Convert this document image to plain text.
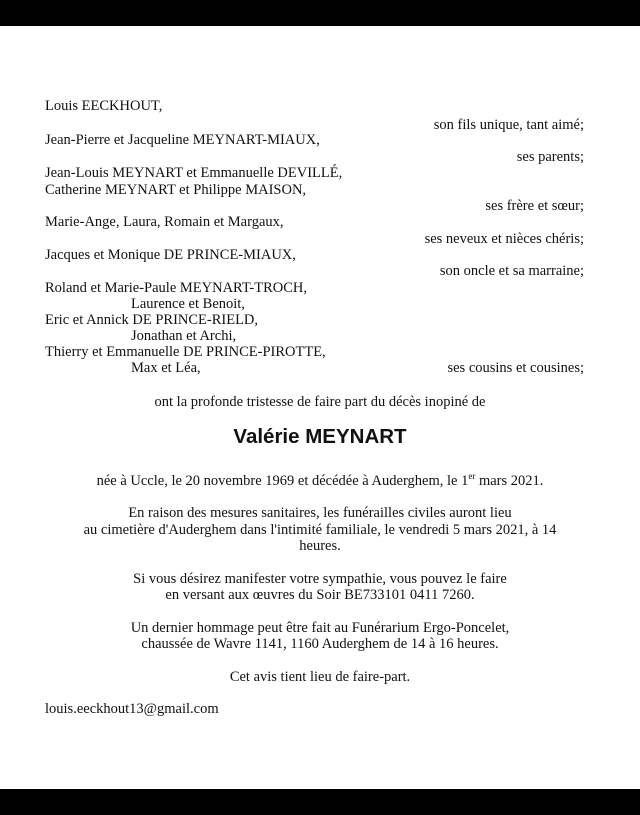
Louis EECKHOUT,
son fils unique, tant aimé;
Jean-Pierre et Jacqueline MEYNART-MIAUX,
ses parents;
Jean-Louis MEYNART et Emmanuelle DEVILLÉ,
Catherine MEYNART et Philippe MAISON,
ses frère et sœur;
Marie-Ange, Laura, Romain et Margaux,
ses neveux et nièces chéris;
Jacques et Monique DE PRINCE-MIAUX,
son oncle et sa marraine;
Roland et Marie-Paule MEYNART-TROCH,
Laurence et Benoit,
Eric et Annick DE PRINCE-RIELD,
Jonathan et Archi,
Thierry et Emmanuelle DE PRINCE-PIROTTE,
Max et Léa,	ses cousins et cousines;
ont la profonde tristesse de faire part du décès inopiné de
Valérie MEYNART
née à Uccle, le 20 novembre 1969 et décédée à Auderghem, le 1er mars 2021.
En raison des mesures sanitaires, les funérailles civiles auront lieu
au cimetière d'Auderghem dans l'intimité familiale, le vendredi 5 mars 2021, à 14
heures.
Si vous désirez manifester votre sympathie, vous pouvez le faire
en versant aux œuvres du Soir BE733101 0411 7260.
Un dernier hommage peut être fait au Funérarium Ergo-Poncelet,
chaussée de Wavre 1141, 1160 Auderghem de 14 à 16 heures.
Cet avis tient lieu de faire-part.
louis.eeckhout13@gmail.com
